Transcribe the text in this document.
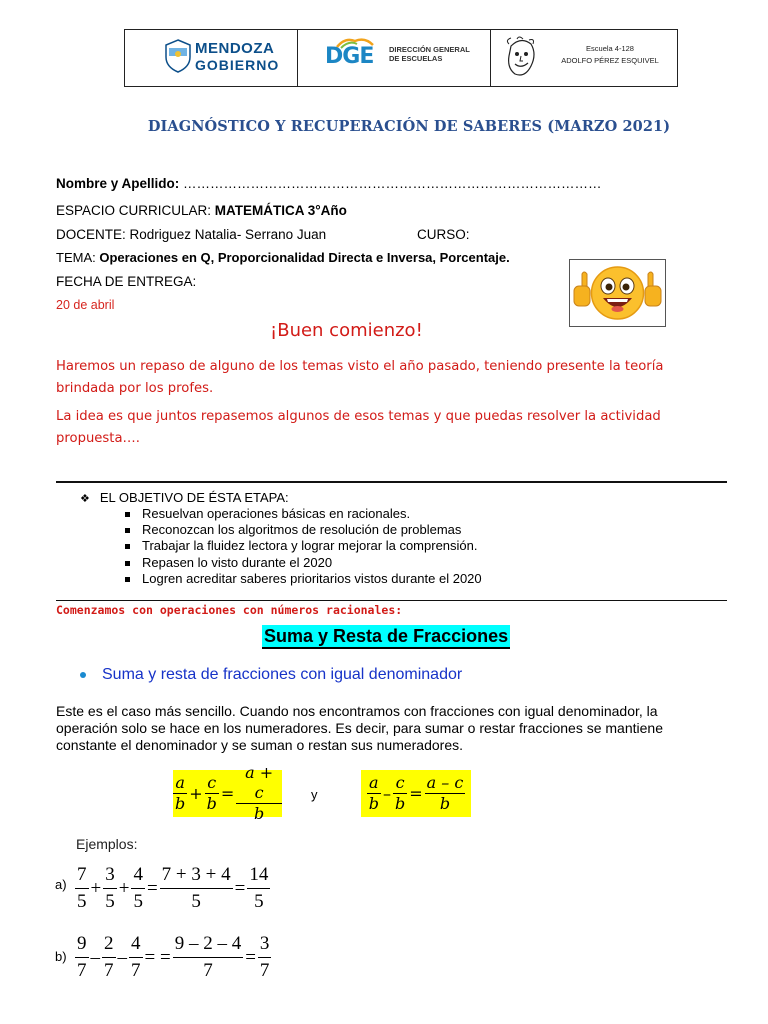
MENDOZA
GOBIERNO DGE DIRECCIÓN GENERAL
DE ESCUELAS
Escuela 4-128
ADOLFO PÉREZ ESQUIVEL
DIAGNÓSTICO Y RECUPERACIÓN DE SABERES (MARZO 2021)
Nombre y Apellido: …………………………………………………………………………………
ESPACIO CURRICULAR: MATEMÁTICA 3°Año
DOCENTE: Rodriguez Natalia- Serrano Juan	CURSO:
TEMA: Operaciones en Q, Proporcionalidad Directa e Inversa, Porcentaje.
FECHA DE ENTREGA:
20 de abril
¡Buen comienzo!
Haremos un repaso de alguno de los temas visto el año pasado, teniendo presente la teoría
brindada por los profes.
La idea es que juntos repasemos algunos de esos temas y que puedas resolver la actividad
propuesta….
❖ EL OBJETIVO DE ÉSTA ETAPA:
Resuelvan operaciones básicas en racionales.
Reconozcan los algoritmos de resolución de problemas
Trabajar la fluidez lectora y lograr mejorar la comprensión.
Repasen lo visto durante el 2020
Logren acreditar saberes prioritarios vistos durante el 2020
Comenzamos con operaciones con números racionales:
Suma y Resta de Fracciones
Suma y resta de fracciones con igual denominador
Este es el caso más sencillo. Cuando nos encontramos con fracciones con igual denominador, la
operación solo se hace en los numeradores. Es decir, para sumar o restar fracciones se mantiene
constante el denominador y se suman o restan sus numeradores.
$\frac{a}{b} + \frac{c}{b} = \frac{a + c}{b}$ y	$\frac{a}{b} - \frac{c}{b} = \frac{a - c}{b}$
Ejemplos:
$a) \frac{7}{5} + \frac{3}{5} + \frac{4}{5} = \frac{7 + 3 + 4}{5} = \frac{14}{5}$
$b) \frac{9}{7} - \frac{2}{7} - \frac{4}{7}$ = = $\frac{9 - 2 - 4}{7} = \frac{3}{7}$
